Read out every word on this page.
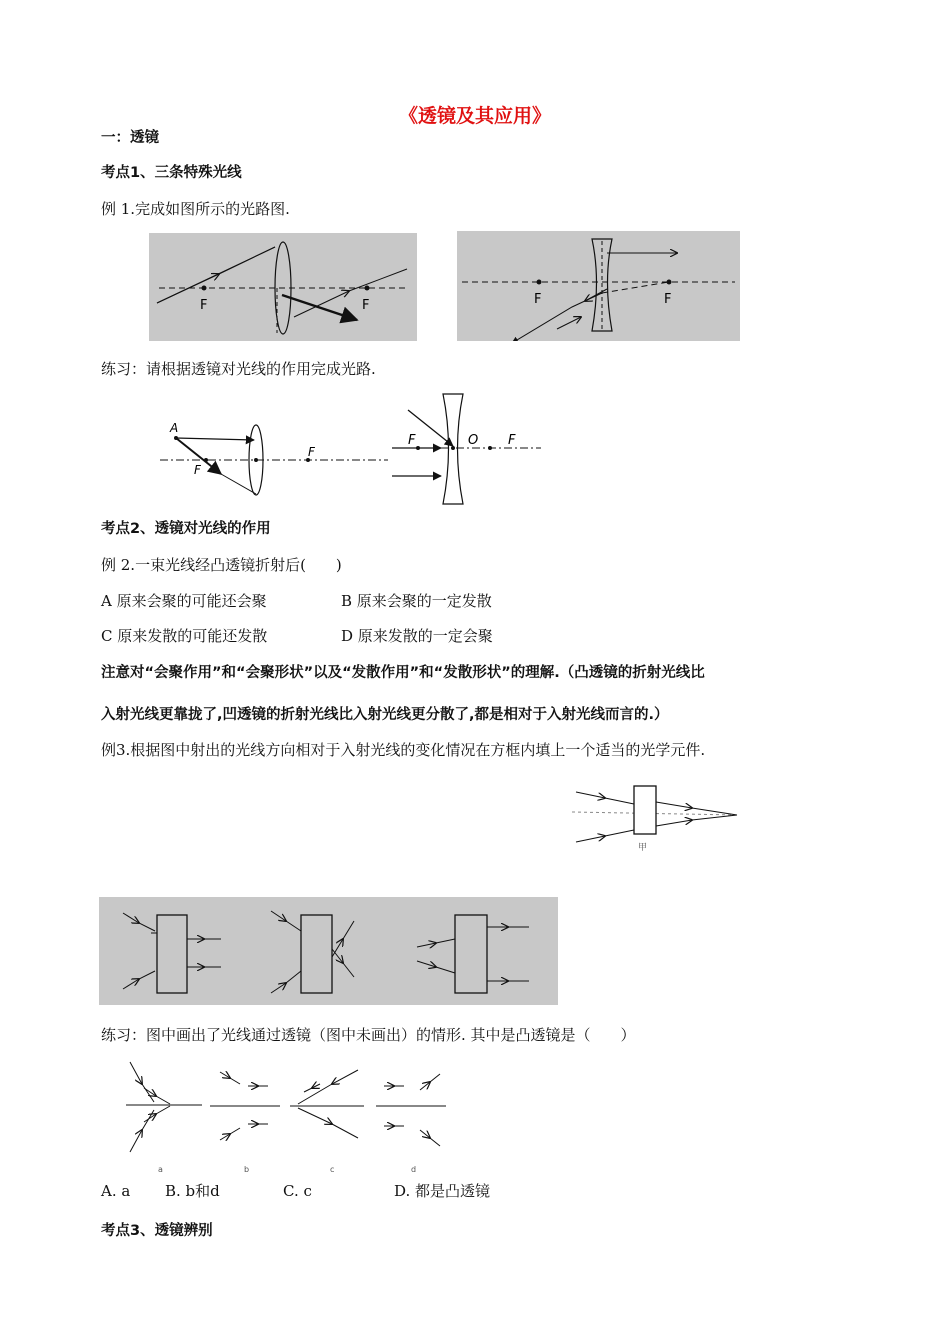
《透镜及其应用》
一：透镜
考点1、三条特殊光线
例 1.完成如图所示的光路图.
F	F	F	F
练习：请根据透镜对光线的作用完成光路.
A
F
F
F	O F
考点2、透镜对光线的作用
例 2.一束光线经凸透镜折射后(　　)
A 原来会聚的可能还会聚	B 原来会聚的一定发散
C 原来发散的可能还发散	D 原来发散的一定会聚
注意对“会聚作用”和“会聚形状”以及“发散作用”和“发散形状”的理解.（凸透镜的折射光线比
入射光线更靠拢了,凹透镜的折射光线比入射光线更分散了,都是相对于入射光线而言的.）
例3.根据图中射出的光线方向相对于入射光线的变化情况在方框内填上一个适当的光学元件.
甲
练习：图中画出了光线通过透镜（图中未画出）的情形. 其中是凸透镜是（　　）
a	b	c	d
A. a B. b和d	C. c	D. 都是凸透镜
考点3、透镜辨别
